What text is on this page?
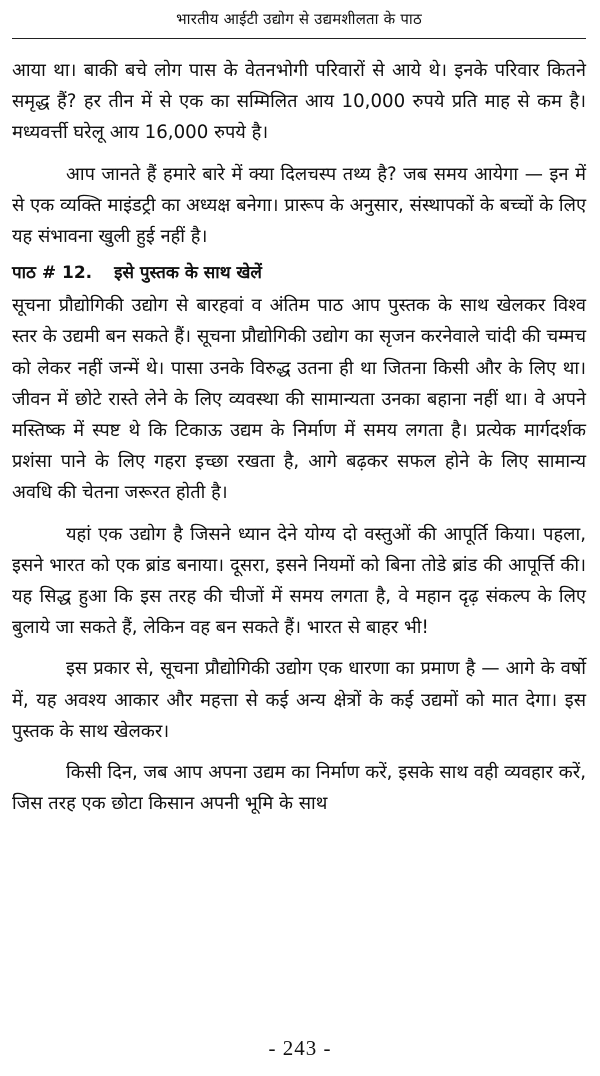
भारतीय आईटी उद्योग से उद्यमशीलता के पाठ

आया था। बाकी बचे लोग पास के वेतनभोगी परिवारों से आये थे। इनके परिवार कितने समृद्ध हैं? हर तीन में से एक का सम्मिलित आय 10,000 रुपये प्रति माह से कम है। मध्यवर्त्ती घरेलू आय 16,000 रुपये है।

आप जानते हैं हमारे बारे में क्या दिलचस्प तथ्य है? जब समय आयेगा — इन में से एक व्यक्ति माइंडट्री का अध्यक्ष बनेगा। प्रारूप के अनुसार, संस्थापकों के बच्चों के लिए यह संभावना खुली हुई नहीं है।

पाठ # 12. इसे पुस्तक के साथ खेलें

सूचना प्रौद्योगिकी उद्योग से बारहवां व अंतिम पाठ आप पुस्तक के साथ खेलकर विश्व स्तर के उद्यमी बन सकते हैं। सूचना प्रौद्योगिकी उद्योग का सृजन करनेवाले चांदी की चम्मच को लेकर नहीं जन्में थे। पासा उनके विरुद्ध उतना ही था जितना किसी और के लिए था। जीवन में छोटे रास्ते लेने के लिए व्यवस्था की सामान्यता उनका बहाना नहीं था। वे अपने मस्तिष्क में स्पष्ट थे कि टिकाऊ उद्यम के निर्माण में समय लगता है। प्रत्येक मार्गदर्शक प्रशंसा पाने के लिए गहरा इच्छा रखता है, आगे बढ़कर सफल होने के लिए सामान्य अवधि की चेतना जरूरत होती है।

यहां एक उद्योग है जिसने ध्यान देने योग्य दो वस्तुओं की आपूर्ति किया। पहला, इसने भारत को एक ब्रांड बनाया। दूसरा, इसने नियमों को बिना तोडे ब्रांड की आपूर्त्ति की। यह सिद्ध हुआ कि इस तरह की चीजों में समय लगता है, वे महान दृढ़ संकल्प के लिए बुलाये जा सकते हैं, लेकिन वह बन सकते हैं। भारत से बाहर भी!

इस प्रकार से, सूचना प्रौद्योगिकी उद्योग एक धारणा का प्रमाण है — आगे के वर्षो में, यह अवश्य आकार और महत्ता से कई अन्य क्षेत्रों के कई उद्यमों को मात देगा। इस पुस्तक के साथ खेलकर।

किसी दिन, जब आप अपना उद्यम का निर्माण करें, इसके साथ वही व्यवहार करें, जिस तरह एक छोटा किसान अपनी भूमि के साथ

- 243 -
